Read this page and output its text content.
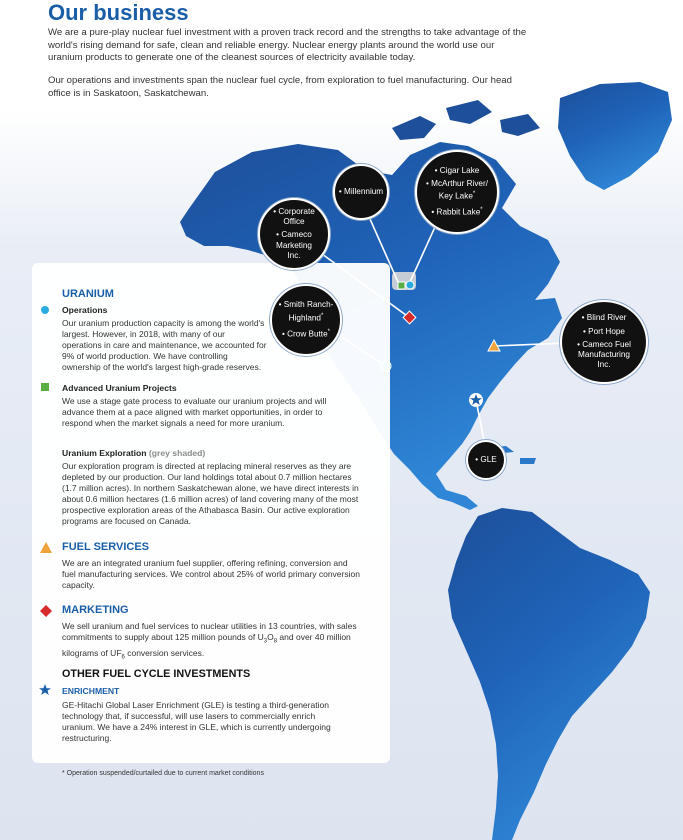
Our business

We are a pure-play nuclear fuel investment with a proven track record and the strengths to take advantage of the world's rising demand for safe, clean and reliable energy. Nuclear energy plants around the world use our uranium products to generate one of the cleanest sources of electricity available today.

Our operations and investments span the nuclear fuel cycle, from exploration to fuel manufacturing. Our head office is in Saskatoon, Saskatchewan.

• Millennium
• Cigar Lake
• McArthur River/
Key Lake*
• Rabbit Lake*
• Corporate
Office
• Cameco
Marketing
Inc.
• Smith Ranch-
Highland*
• Crow Butte*
• Blind River
• Port Hope
• Cameco Fuel
Manufacturing
Inc.
• GLE
URANIUM
Operations

Our uranium production capacity is among the world's largest. However, in 2018, with many of our operations in care and maintenance, we accounted for 9% of world production. We have controlling ownership of the world's largest high-grade reserves.

Advanced Uranium Projects

We use a stage gate process to evaluate our uranium projects and will advance them at a pace aligned with market opportunities, in order to respond when the market signals a need for more uranium.

Uranium Exploration (grey shaded)

Our exploration program is directed at replacing mineral reserves as they are depleted by our production. Our land holdings total about 0.7 million hectares (1.7 million acres). In northern Saskatchewan alone, we have direct interests in about 0.6 million hectares (1.6 million acres) of land covering many of the most prospective exploration areas of the Athabasca Basin. Our active exploration programs are focused on Canada.

FUEL SERVICES

We are an integrated uranium fuel supplier, offering refining, conversion and fuel manufacturing services. We control about 25% of world primary conversion capacity.

MARKETING

We sell uranium and fuel services to nuclear utilities in 13 countries, with sales commitments to supply about 125 million pounds of $U_3O_8$ and over 40 million kilograms of $UF_6$ conversion services.

OTHER FUEL CYCLE INVESTMENTS
ENRICHMENT

GE-Hitachi Global Laser Enrichment (GLE) is testing a third-generation technology that, if successful, will use lasers to commercially enrich uranium. We have a 24% interest in GLE, which is currently undergoing restructuring.

* Operation suspended/curtailed due to current market conditions
